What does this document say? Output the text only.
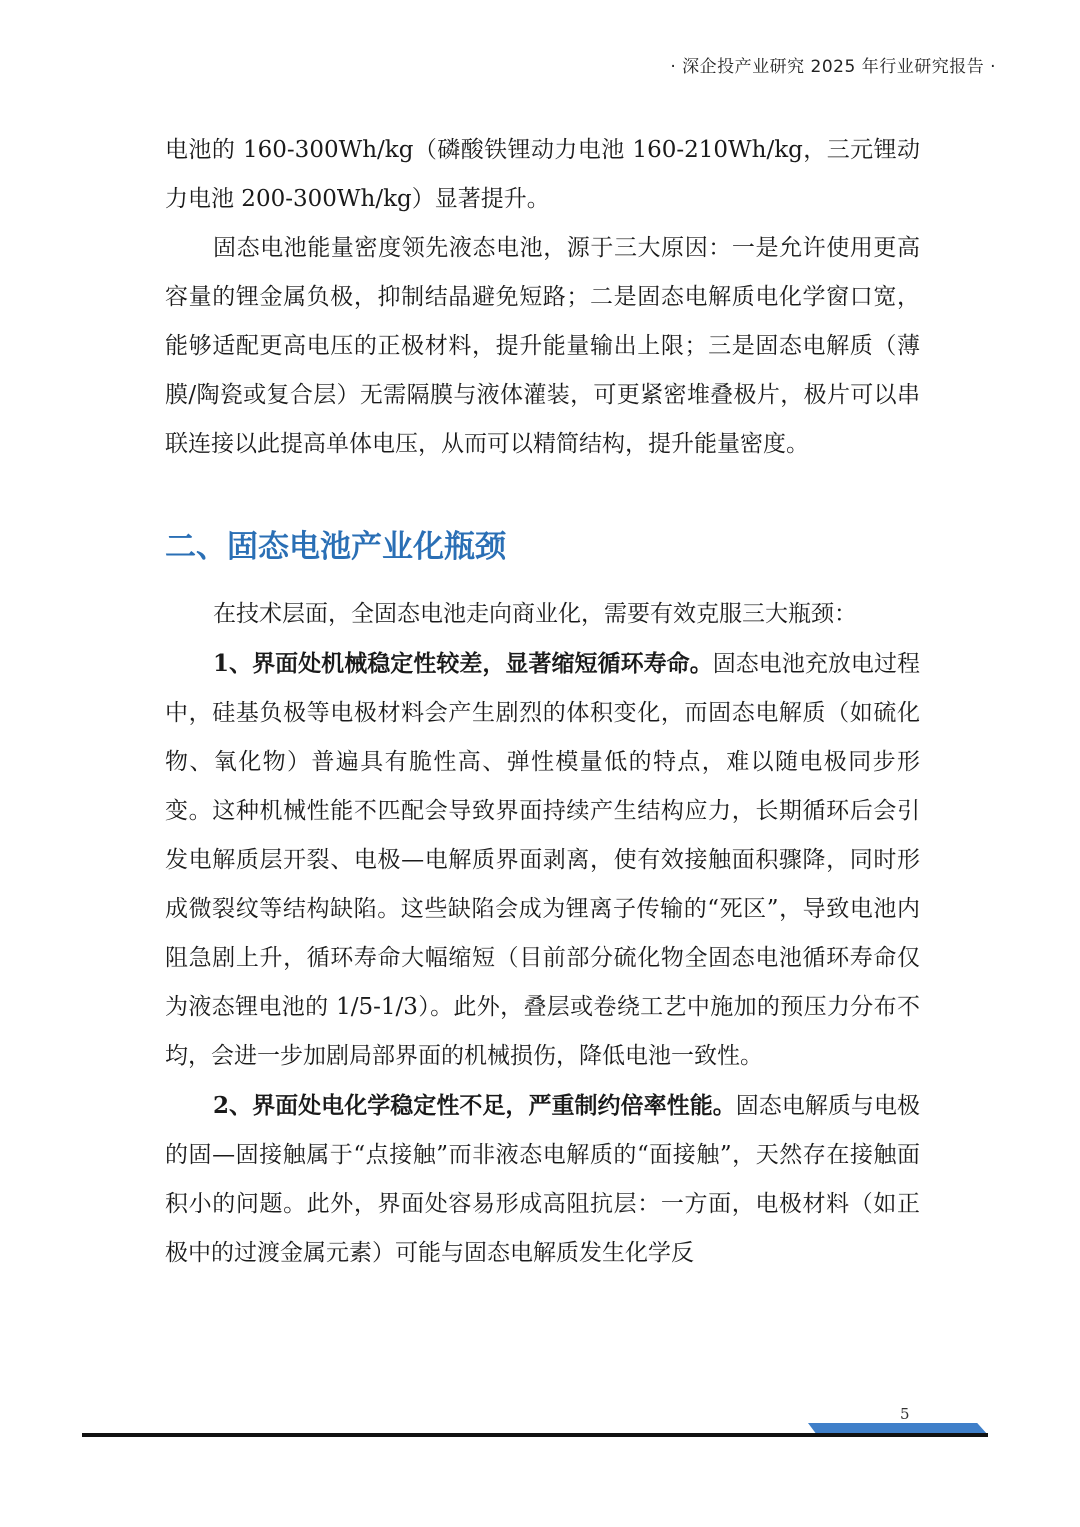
· 深企投产业研究 2025 年行业研究报告 ·

电池的 160-300Wh/kg（磷酸铁锂动力电池 160-210Wh/kg，三元锂动力电池 200-300Wh/kg）显著提升。

固态电池能量密度领先液态电池，源于三大原因：一是允许使用更高容量的锂金属负极，抑制结晶避免短路；二是固态电解质电化学窗口宽，能够适配更高电压的正极材料，提升能量输出上限；三是固态电解质（薄膜/陶瓷或复合层）无需隔膜与液体灌装，可更紧密堆叠极片，极片可以串联连接以此提高单体电压，从而可以精简结构，提升能量密度。

二、固态电池产业化瓶颈

在技术层面，全固态电池走向商业化，需要有效克服三大瓶颈：

1、界面处机械稳定性较差，显著缩短循环寿命。固态电池充放电过程中，硅基负极等电极材料会产生剧烈的体积变化，而固态电解质（如硫化物、氧化物）普遍具有脆性高、弹性模量低的特点，难以随电极同步形变。这种机械性能不匹配会导致界面持续产生结构应力，长期循环后会引发电解质层开裂、电极—电解质界面剥离，使有效接触面积骤降，同时形成微裂纹等结构缺陷。这些缺陷会成为锂离子传输的“死区”，导致电池内阻急剧上升，循环寿命大幅缩短（目前部分硫化物全固态电池循环寿命仅为液态锂电池的 1/5-1/3）。此外，叠层或卷绕工艺中施加的预压力分布不均，会进一步加剧局部界面的机械损伤，降低电池一致性。

2、界面处电化学稳定性不足，严重制约倍率性能。固态电解质与电极的固—固接触属于“点接触”而非液态电解质的“面接触”，天然存在接触面积小的问题。此外，界面处容易形成高阻抗层：一方面，电极材料（如正极中的过渡金属元素）可能与固态电解质发生化学反

5
